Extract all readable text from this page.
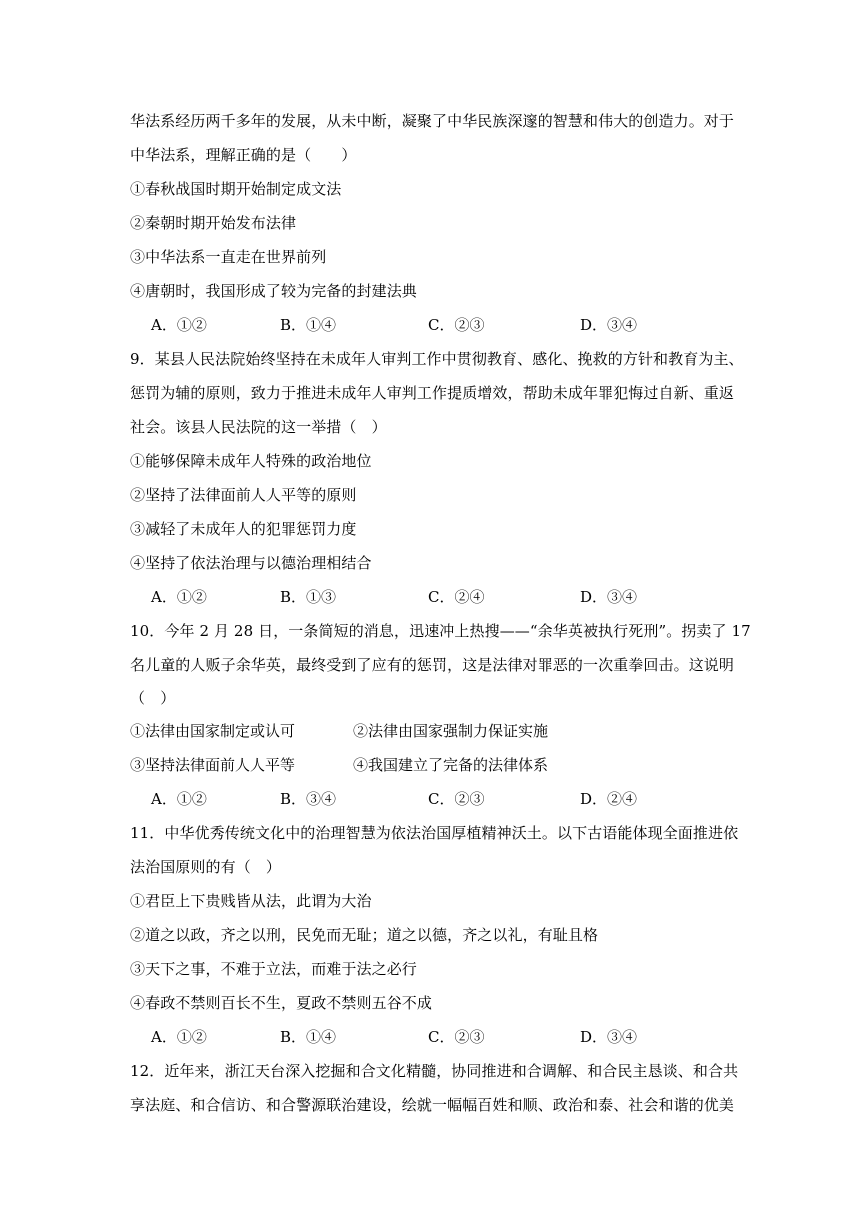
华法系经历两千多年的发展，从未中断，凝聚了中华民族深邃的智慧和伟大的创造力。对于
中华法系，理解正确的是（　　）
①春秋战国时期开始制定成文法
②秦朝时期开始发布法律
③中华法系一直走在世界前列
④唐朝时，我国形成了较为完备的封建法典
A．①②	B．①④	C．②③	D．③④
9．某县人民法院始终坚持在未成年人审判工作中贯彻教育、感化、挽救的方针和教育为主、
惩罚为辅的原则，致力于推进未成年人审判工作提质增效，帮助未成年罪犯悔过自新、重返
社会。该县人民法院的这一举措（　）
①能够保障未成年人特殊的政治地位
②坚持了法律面前人人平等的原则
③减轻了未成年人的犯罪惩罚力度
④坚持了依法治理与以德治理相结合
A．①②	B．①③	C．②④	D．③④
10．今年 2 月 28 日，一条简短的消息，迅速冲上热搜——“余华英被执行死刑”。拐卖了 17
名儿童的人贩子余华英，最终受到了应有的惩罚，这是法律对罪恶的一次重拳回击。这说明
（　）
①法律由国家制定或认可	②法律由国家强制力保证实施
③坚持法律面前人人平等	④我国建立了完备的法律体系
A．①②	B．③④	C．②③	D．②④
11．中华优秀传统文化中的治理智慧为依法治国厚植精神沃土。以下古语能体现全面推进依
法治国原则的有（　）
①君臣上下贵贱皆从法，此谓为大治
②道之以政，齐之以刑，民免而无耻；道之以德，齐之以礼，有耻且格
③天下之事，不难于立法，而难于法之必行
④春政不禁则百长不生，夏政不禁则五谷不成
A．①②	B．①④	C．②③	D．③④
12．近年来，浙江天台深入挖掘和合文化精髓，协同推进和合调解、和合民主恳谈、和合共
享法庭、和合信访、和合警源联治建设，绘就一幅幅百姓和顺、政治和泰、社会和谐的优美
